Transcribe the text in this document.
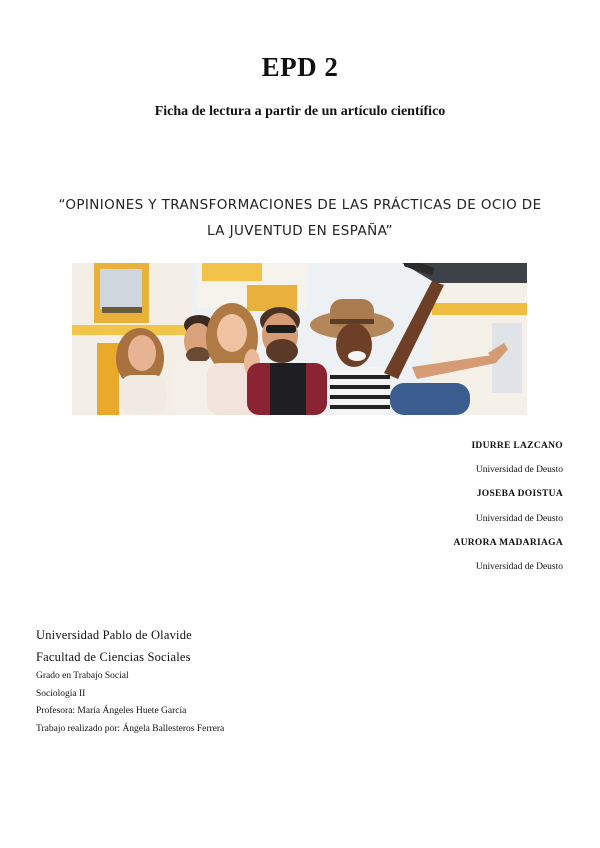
EPD 2
Ficha de lectura a partir de un artículo científico
“OPINIONES Y TRANSFORMACIONES DE LAS PRÁCTICAS DE OCIO DE
LA JUVENTUD EN ESPAÑA”
IDURRE LAZCANO
Universidad de Deusto
JOSEBA DOISTUA
Universidad de Deusto
AURORA MADARIAGA
Universidad de Deusto
Universidad Pablo de Olavide
Facultad de Ciencias Sociales
Grado en Trabajo Social
Sociología II
Profesora: María Ángeles Huete García
Trabajo realizado por: Ángela Ballesteros Ferrera
